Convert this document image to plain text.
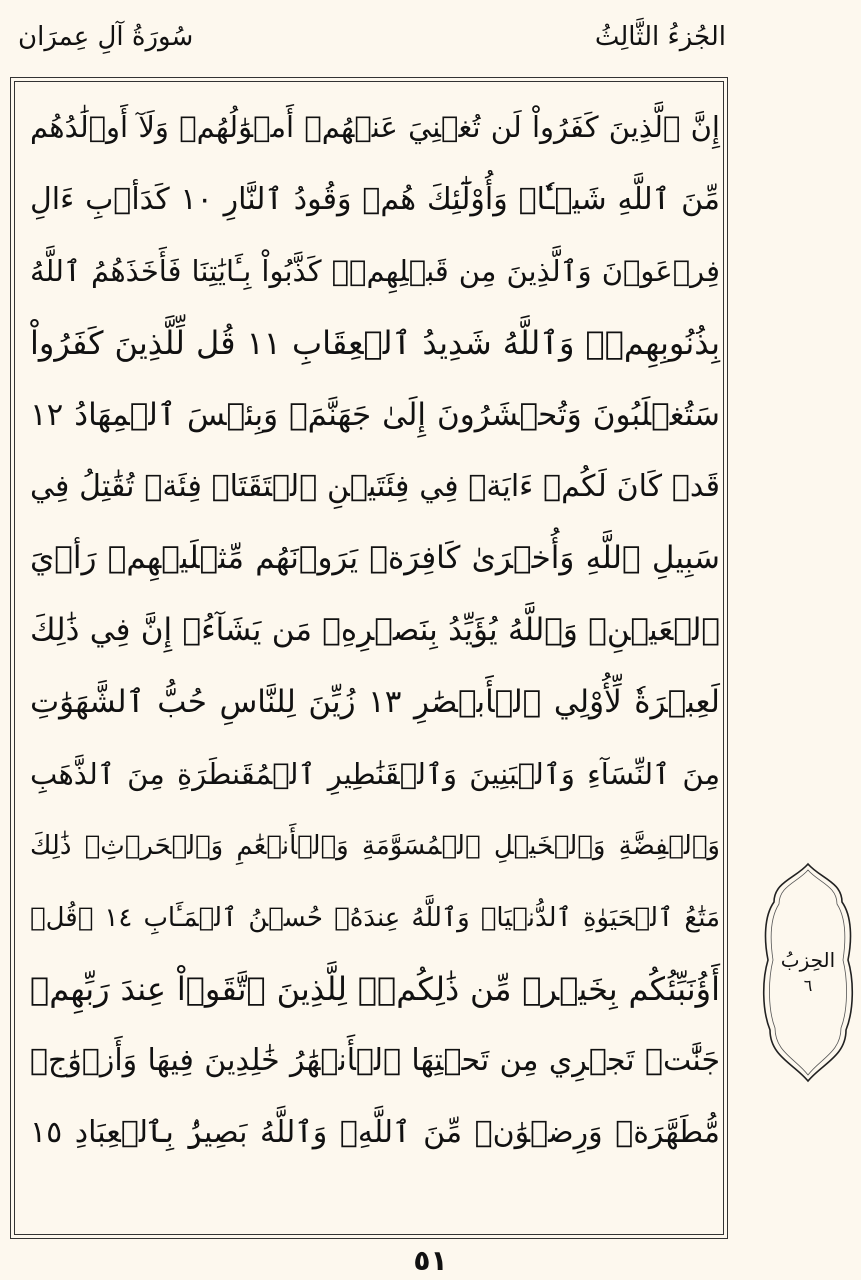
الجُزءُ الثَّالِثُ
سُورَةُ آلِ عِمرَان
إِنَّ ٱلَّذِينَ كَفَرُواْ لَن تُغۡنِيَ عَنۡهُمۡ أَمۡوَٰلُهُمۡ وَلَآ أَوۡلَٰدُهُم
مِّنَ ٱللَّهِ شَيۡـٔٗاۖ وَأُوْلَٰٓئِكَ هُمۡ وَقُودُ ٱلنَّارِ ١٠ كَدَأۡبِ ءَالِ
فِرۡعَوۡنَ وَٱلَّذِينَ مِن قَبۡلِهِمۡۚ كَذَّبُواْ بِـَٔايَٰتِنَا فَأَخَذَهُمُ ٱللَّهُ
بِذُنُوبِهِمۡۗ وَٱللَّهُ شَدِيدُ ٱلۡعِقَابِ ١١ قُل لِّلَّذِينَ كَفَرُواْ
سَتُغۡلَبُونَ وَتُحۡشَرُونَ إِلَىٰ جَهَنَّمَۖ وَبِئۡسَ ٱلۡمِهَادُ ١٢
قَدۡ كَانَ لَكُمۡ ءَايَةٞ فِي فِئَتَيۡنِ ٱلۡتَقَتَاۖ فِئَةٞ تُقَٰتِلُ فِي
سَبِيلِ ٱللَّهِ وَأُخۡرَىٰ كَافِرَةٞ يَرَوۡنَهُم مِّثۡلَيۡهِمۡ رَأۡيَ
ٱلۡعَيۡنِۚ وَٱللَّهُ يُؤَيِّدُ بِنَصۡرِهِۦ مَن يَشَآءُۚ إِنَّ فِي ذَٰلِكَ
لَعِبۡرَةٗ لِّأُوْلِي ٱلۡأَبۡصَٰرِ ١٣ زُيِّنَ لِلنَّاسِ حُبُّ ٱلشَّهَوَٰتِ
مِنَ ٱلنِّسَآءِ وَٱلۡبَنِينَ وَٱلۡقَنَٰطِيرِ ٱلۡمُقَنطَرَةِ مِنَ ٱلذَّهَبِ
وَٱلۡفِضَّةِ وَٱلۡخَيۡلِ ٱلۡمُسَوَّمَةِ وَٱلۡأَنۡعَٰمِ وَٱلۡحَرۡثِۗ ذَٰلِكَ
مَتَٰعُ ٱلۡحَيَوٰةِ ٱلدُّنۡيَاۖ وَٱللَّهُ عِندَهُۥ حُسۡنُ ٱلۡمَـَٔابِ ١٤ ۞قُلۡ
أَؤُنَبِّئُكُم بِخَيۡرٖ مِّن ذَٰلِكُمۡۖ لِلَّذِينَ ٱتَّقَوۡاْ عِندَ رَبِّهِمۡ
جَنَّٰتٞ تَجۡرِي مِن تَحۡتِهَا ٱلۡأَنۡهَٰرُ خَٰلِدِينَ فِيهَا وَأَزۡوَٰجٞ
مُّطَهَّرَةٞ وَرِضۡوَٰنٞ مِّنَ ٱللَّهِۗ وَٱللَّهُ بَصِيرُۢ بِٱلۡعِبَادِ ١٥
الحِزبُ
٦
٥١
